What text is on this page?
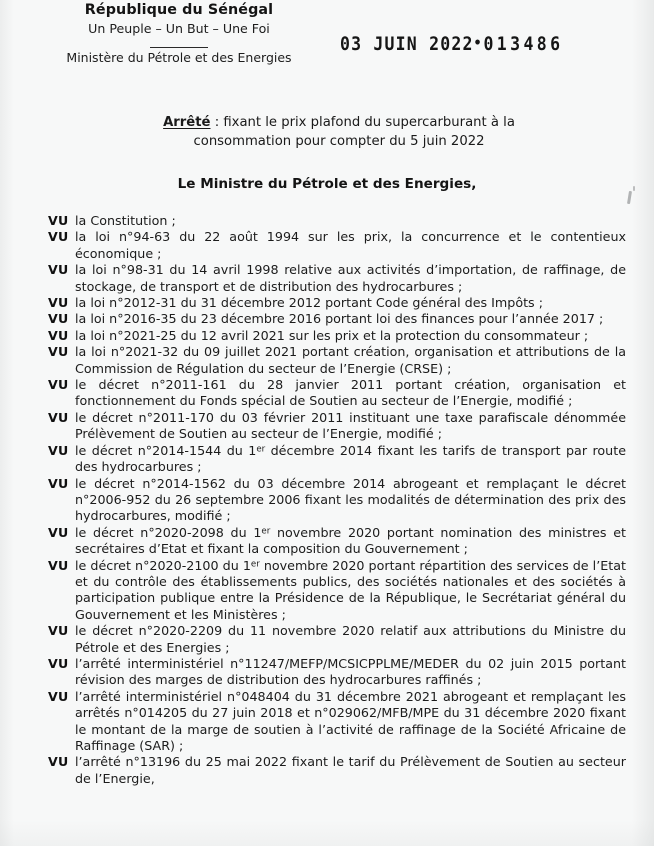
République du Sénégal
Un Peuple – Un But – Une Foi
Ministère du Pétrole et des Energies
03 JUIN 2022•013486
Arrêté : fixant le prix plafond du supercarburant à la consommation pour compter du 5 juin 2022
Le Ministre du Pétrole et des Energies,
VU la Constitution ;
VU la loi n°94-63 du 22 août 1994 sur les prix, la concurrence et le contentieux économique ;
VU la loi n°98-31 du 14 avril 1998 relative aux activités d’importation, de raffinage, de stockage, de transport et de distribution des hydrocarbures ;
VU la loi n°2012-31 du 31 décembre 2012 portant Code général des Impôts ;
VU la loi n°2016-35 du 23 décembre 2016 portant loi des finances pour l’année 2017 ;
VU la loi n°2021-25 du 12 avril 2021 sur les prix et la protection du consommateur ;
VU la loi n°2021-32 du 09 juillet 2021 portant création, organisation et attributions de la Commission de Régulation du secteur de l’Energie (CRSE) ;
VU le décret n°2011-161 du 28 janvier 2011 portant création, organisation et fonctionnement du Fonds spécial de Soutien au secteur de l’Energie, modifié ;
VU le décret n°2011-170 du 03 février 2011 instituant une taxe parafiscale dénommée Prélèvement de Soutien au secteur de l’Energie, modifié ;
VU le décret n°2014-1544 du 1er décembre 2014 fixant les tarifs de transport par route des hydrocarbures ;
VU le décret n°2014-1562 du 03 décembre 2014 abrogeant et remplaçant le décret n°2006-952 du 26 septembre 2006 fixant les modalités de détermination des prix des hydrocarbures, modifié ;
VU le décret n°2020-2098 du 1er novembre 2020 portant nomination des ministres et secrétaires d’Etat et fixant la composition du Gouvernement ;
VU le décret n°2020-2100 du 1er novembre 2020 portant répartition des services de l’Etat et du contrôle des établissements publics, des sociétés nationales et des sociétés à participation publique entre la Présidence de la République, le Secrétariat général du Gouvernement et les Ministères ;
VU le décret n°2020-2209 du 11 novembre 2020 relatif aux attributions du Ministre du Pétrole et des Energies ;
VU l’arrêté interministériel n°11247/MEFP/MCSICPPLME/MEDER du 02 juin 2015 portant révision des marges de distribution des hydrocarbures raffinés ;
VU l’arrêté interministériel n°048404 du 31 décembre 2021 abrogeant et remplaçant les arrêtés n°014205 du 27 juin 2018 et n°029062/MFB/MPE du 31 décembre 2020 fixant le montant de la marge de soutien à l’activité de raffinage de la Société Africaine de Raffinage (SAR) ;
VU l’arrêté n°13196 du 25 mai 2022 fixant le tarif du Prélèvement de Soutien au secteur de l’Energie,
